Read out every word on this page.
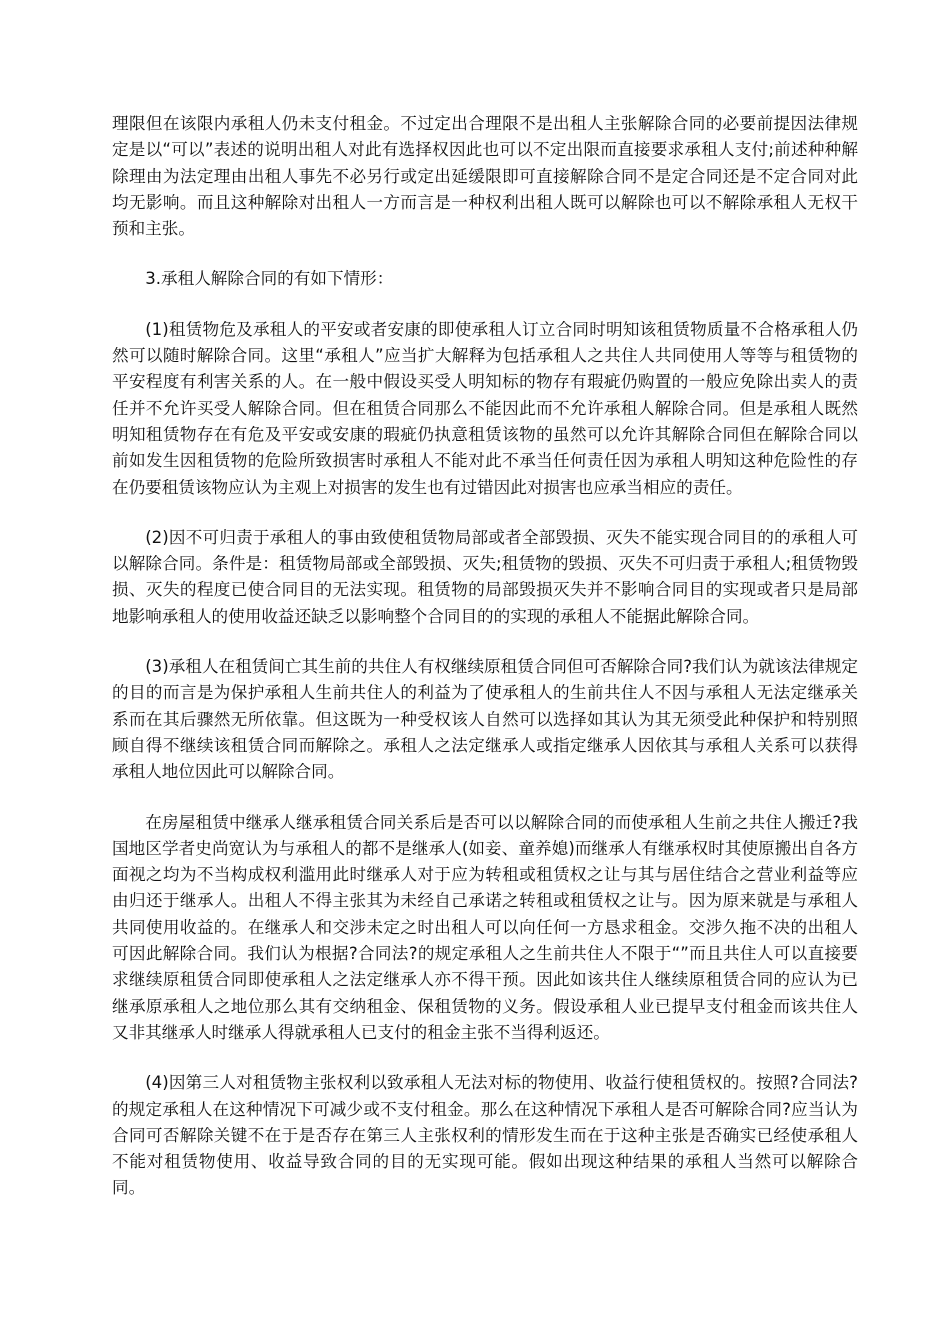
理限但在该限内承租人仍未支付租金。不过定出合理限不是出租人主张解除合同的必要前提因法律规定是以“可以”表述的说明出租人对此有选择权因此也可以不定出限而直接要求承租人支付;前述种种解除理由为法定理由出租人事先不必另行或定出延缓限即可直接解除合同不是定合同还是不定合同对此均无影响。而且这种解除对出租人一方而言是一种权利出租人既可以解除也可以不解除承租人无权干预和主张。

3.承租人解除合同的有如下情形：

(1)租赁物危及承租人的平安或者安康的即使承租人订立合同时明知该租赁物质量不合格承租人仍然可以随时解除合同。这里“承租人”应当扩大解释为包括承租人之共住人共同使用人等等与租赁物的平安程度有利害关系的人。在一般中假设买受人明知标的物存有瑕疵仍购置的一般应免除出卖人的责任并不允许买受人解除合同。但在租赁合同那么不能因此而不允许承租人解除合同。但是承租人既然明知租赁物存在有危及平安或安康的瑕疵仍执意租赁该物的虽然可以允许其解除合同但在解除合同以前如发生因租赁物的危险所致损害时承租人不能对此不承当任何责任因为承租人明知这种危险性的存在仍要租赁该物应认为主观上对损害的发生也有过错因此对损害也应承当相应的责任。

(2)因不可归责于承租人的事由致使租赁物局部或者全部毁损、灭失不能实现合同目的的承租人可以解除合同。条件是：租赁物局部或全部毁损、灭失;租赁物的毁损、灭失不可归责于承租人;租赁物毁损、灭失的程度已使合同目的无法实现。租赁物的局部毁损灭失并不影响合同目的实现或者只是局部地影响承租人的使用收益还缺乏以影响整个合同目的的实现的承租人不能据此解除合同。

(3)承租人在租赁间亡其生前的共住人有权继续原租赁合同但可否解除合同?我们认为就该法律规定的目的而言是为保护承租人生前共住人的利益为了使承租人的生前共住人不因与承租人无法定继承关系而在其后骤然无所依靠。但这既为一种受权该人自然可以选择如其认为其无须受此种保护和特别照顾自得不继续该租赁合同而解除之。承租人之法定继承人或指定继承人因依其与承租人关系可以获得承租人地位因此可以解除合同。

在房屋租赁中继承人继承租赁合同关系后是否可以以解除合同的而使承租人生前之共住人搬迁?我国地区学者史尚宽认为与承租人的都不是继承人(如妾、童养媳)而继承人有继承权时其使原搬出自各方面视之均为不当构成权利滥用此时继承人对于应为转租或租赁权之让与其与居住结合之营业利益等应由归还于继承人。出租人不得主张其为未经自己承诺之转租或租赁权之让与。因为原来就是与承租人共同使用收益的。在继承人和交涉未定之时出租人可以向任何一方恳求租金。交涉久拖不决的出租人可因此解除合同。我们认为根据?合同法?的规定承租人之生前共住人不限于“”而且共住人可以直接要求继续原租赁合同即使承租人之法定继承人亦不得干预。因此如该共住人继续原租赁合同的应认为已继承原承租人之地位那么其有交纳租金、保租赁物的义务。假设承租人业已提早支付租金而该共住人又非其继承人时继承人得就承租人已支付的租金主张不当得利返还。

(4)因第三人对租赁物主张权利以致承租人无法对标的物使用、收益行使租赁权的。按照?合同法?的规定承租人在这种情况下可减少或不支付租金。那么在这种情况下承租人是否可解除合同?应当认为合同可否解除关键不在于是否存在第三人主张权利的情形发生而在于这种主张是否确实已经使承租人不能对租赁物使用、收益导致合同的目的无实现可能。假如出现这种结果的承租人当然可以解除合同。
